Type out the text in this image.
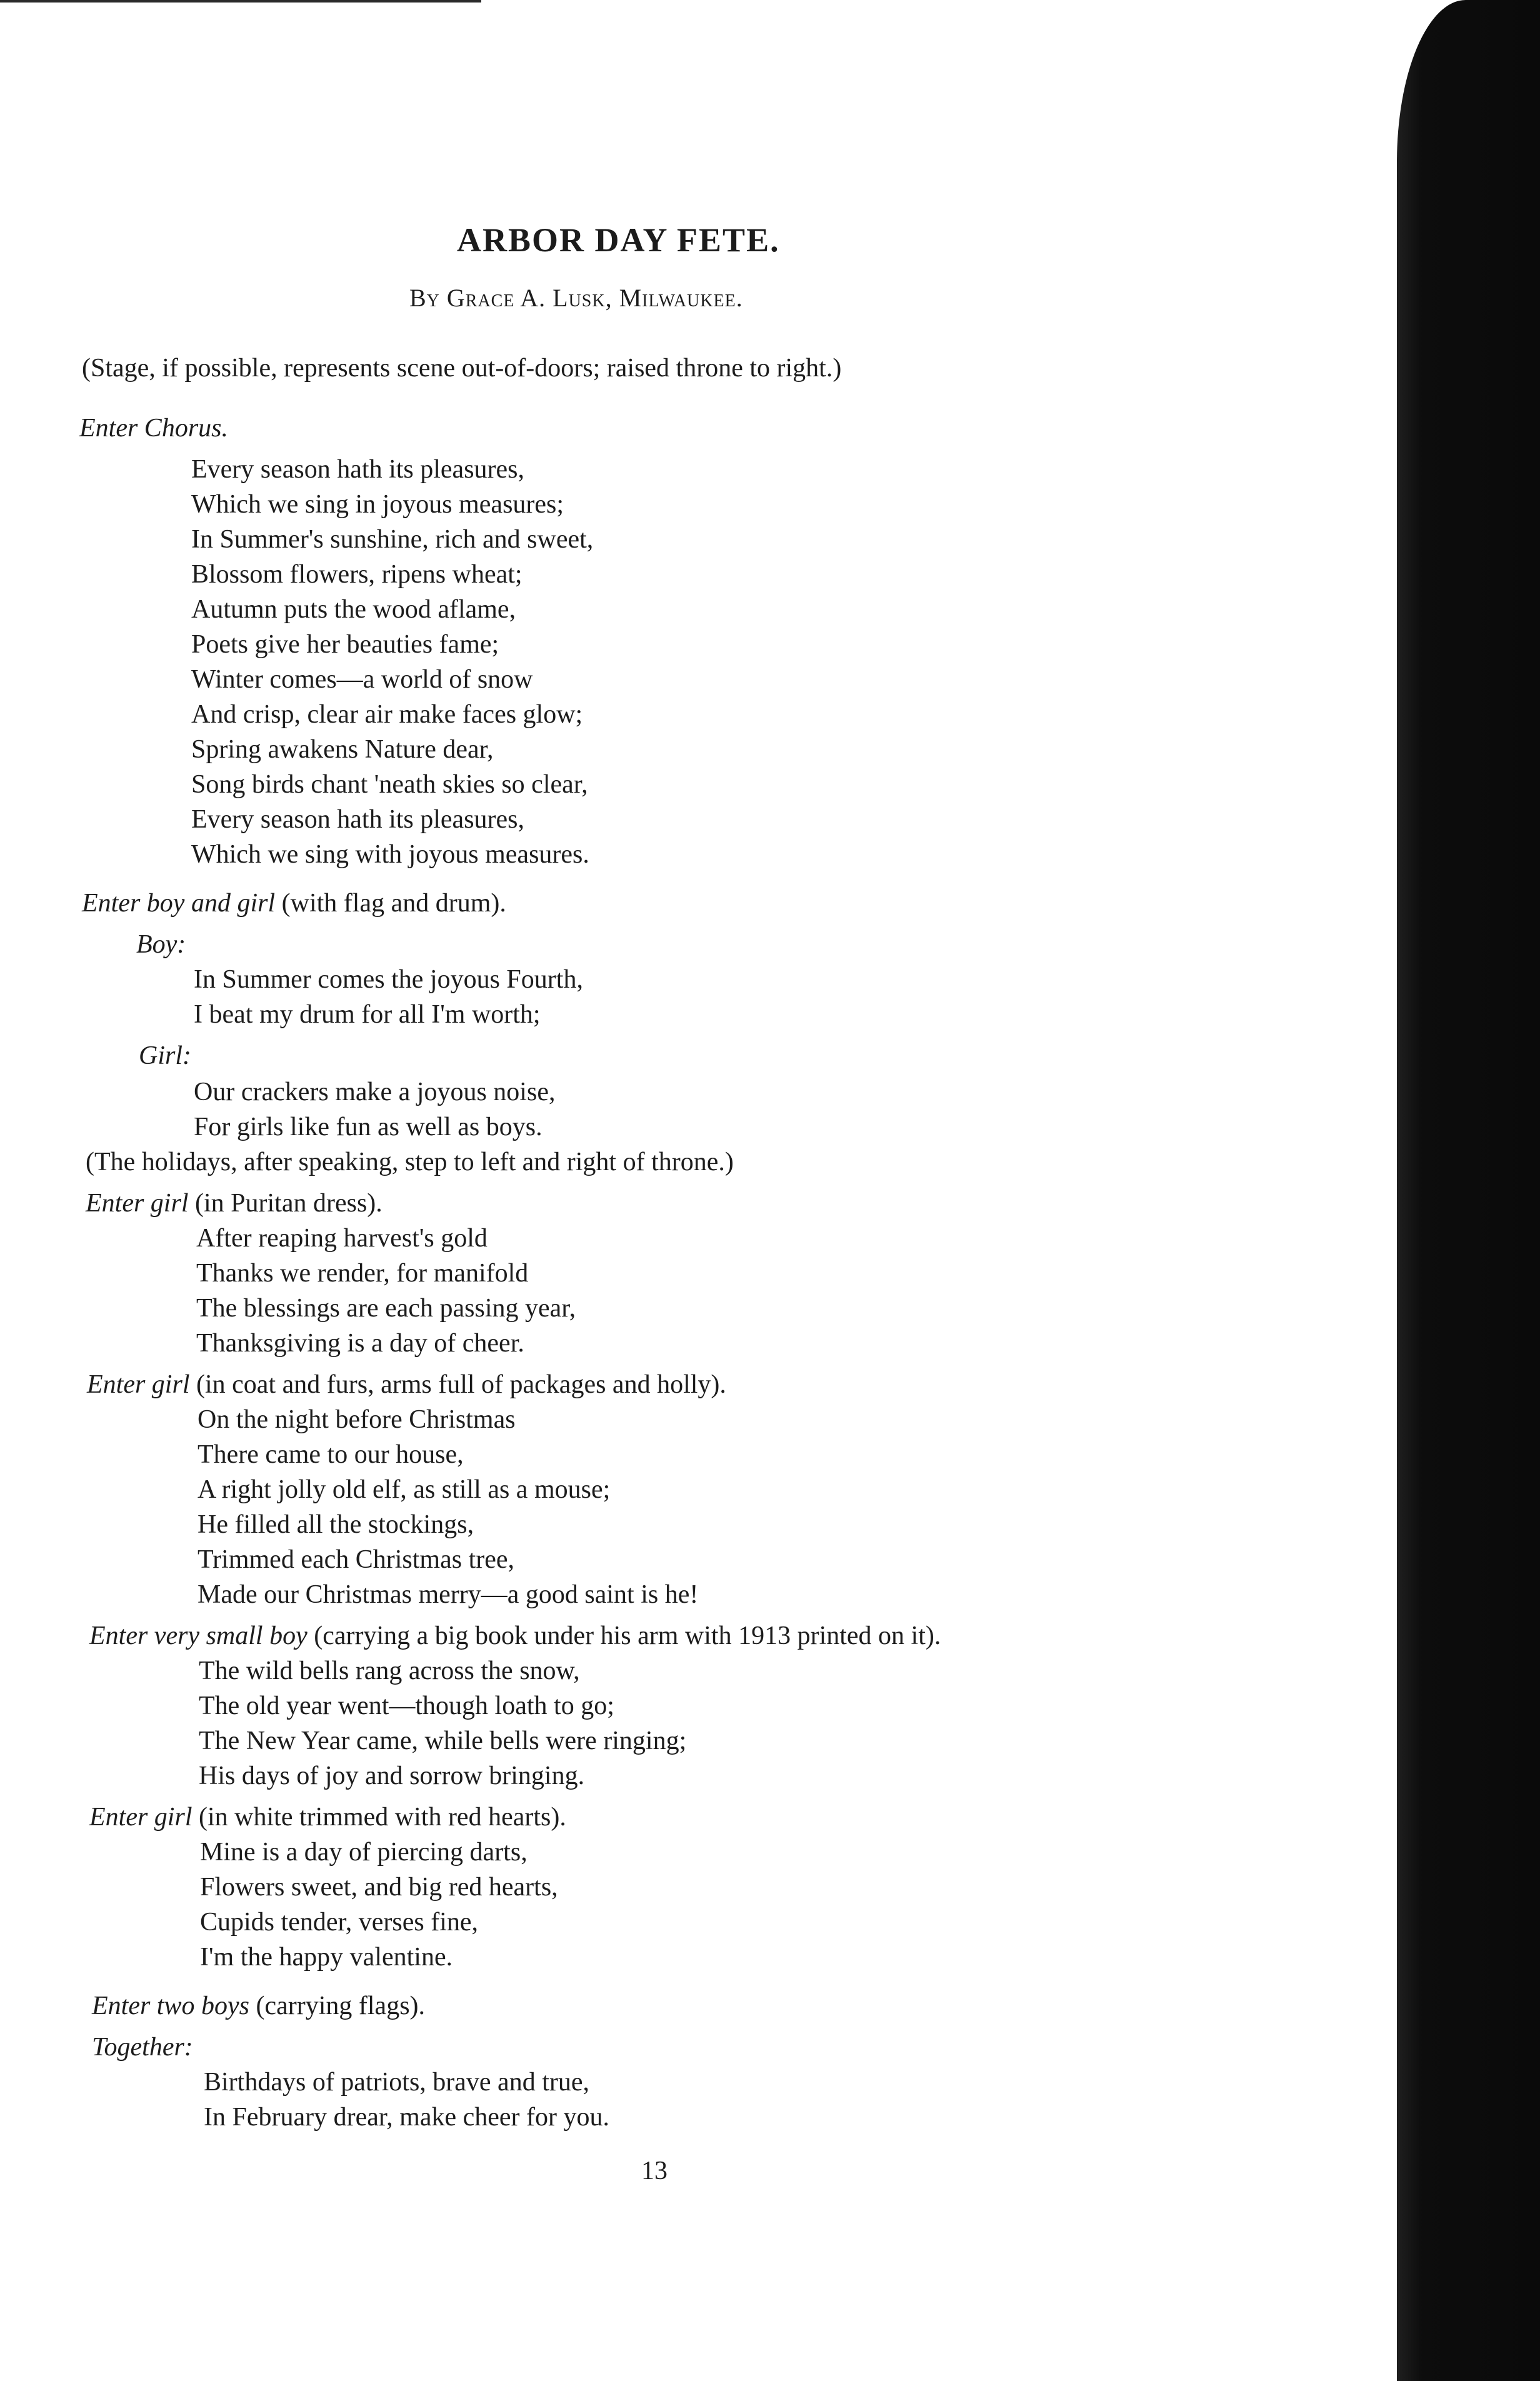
ARBOR DAY FETE.
By Grace A. Lusk, Milwaukee.
(Stage, if possible, represents scene out-of-doors; raised throne to right.)
Enter Chorus.
Every season hath its pleasures,
Which we sing in joyous measures;
In Summer's sunshine, rich and sweet,
Blossom flowers, ripens wheat;
Autumn puts the wood aflame,
Poets give her beauties fame;
Winter comes—a world of snow
And crisp, clear air make faces glow;
Spring awakens Nature dear,
Song birds chant 'neath skies so clear,
Every season hath its pleasures,
Which we sing with joyous measures.
Enter boy and girl (with flag and drum).
Boy:
In Summer comes the joyous Fourth,
I beat my drum for all I'm worth;
Girl:
Our crackers make a joyous noise,
For girls like fun as well as boys.
(The holidays, after speaking, step to left and right of throne.)
Enter girl (in Puritan dress).
After reaping harvest's gold
Thanks we render, for manifold
The blessings are each passing year,
Thanksgiving is a day of cheer.
Enter girl (in coat and furs, arms full of packages and holly).
On the night before Christmas
There came to our house,
A right jolly old elf, as still as a mouse;
He filled all the stockings,
Trimmed each Christmas tree,
Made our Christmas merry—a good saint is he!
Enter very small boy (carrying a big book under his arm with 1913 printed on it).
The wild bells rang across the snow,
The old year went—though loath to go;
The New Year came, while bells were ringing;
His days of joy and sorrow bringing.
Enter girl (in white trimmed with red hearts).
Mine is a day of piercing darts,
Flowers sweet, and big red hearts,
Cupids tender, verses fine,
I'm the happy valentine.
Enter two boys (carrying flags).
Together:
Birthdays of patriots, brave and true,
In February drear, make cheer for you.
13
